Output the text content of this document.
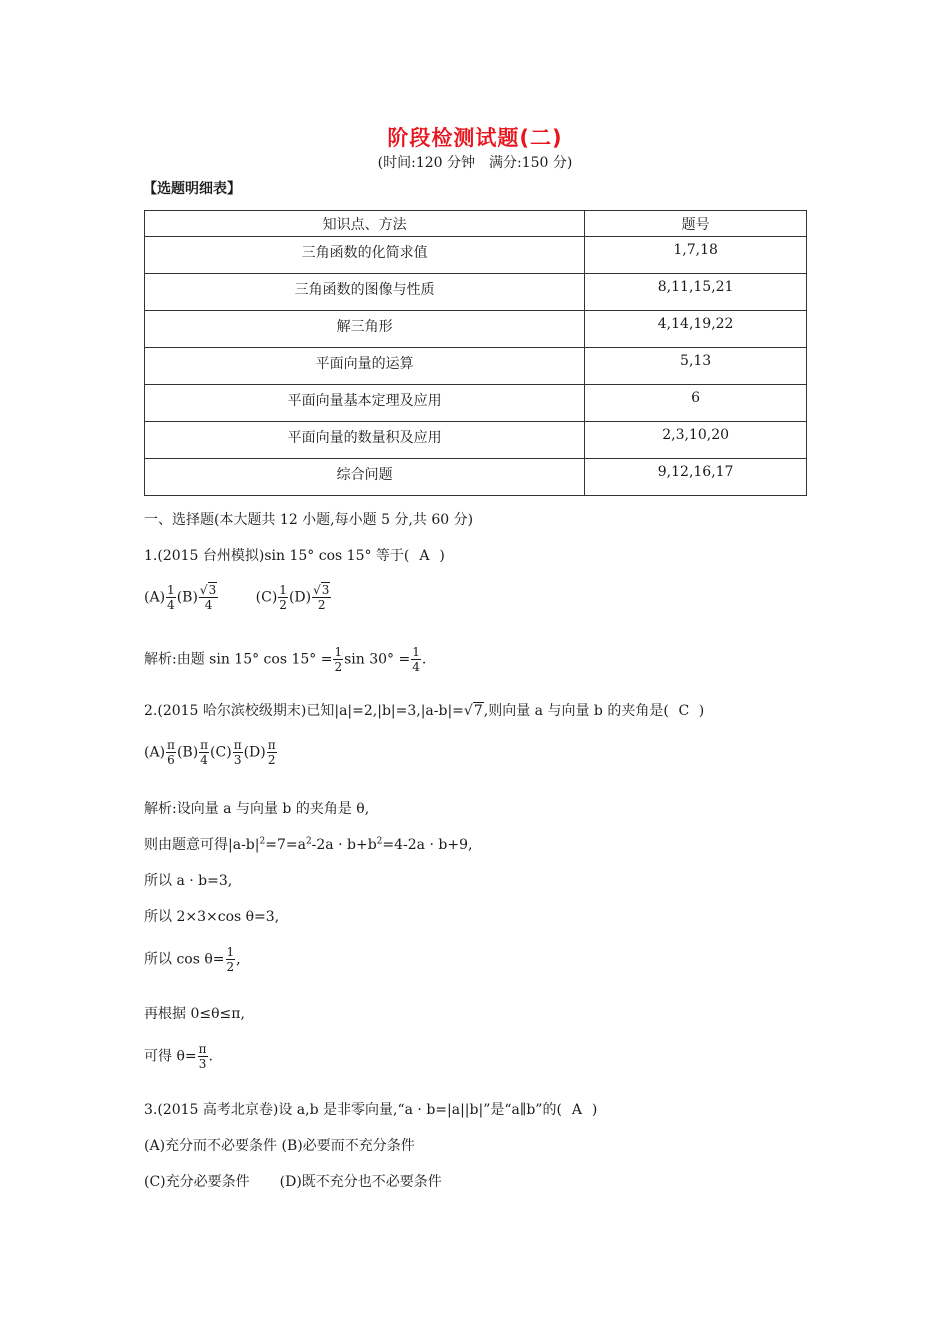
阶段检测试题(二)
(时间:120 分钟　满分:150 分)
【选题明细表】
知识点、方法	题号
三角函数的化简求值	1,7,18
三角函数的图像与性质	8,11,15,21
解三角形	4,14,19,22
平面向量的运算	5,13
平面向量基本定理及应用	6
平面向量的数量积及应用	2,3,10,20
综合问题	9,12,16,17
一、选择题(本大题共 12 小题,每小题 5 分,共 60 分)
1.(2015 台州模拟)sin 15° cos 15° 等于( A )
$(A) \frac{1}{4} (B) \frac{√3}{4}$	$(C) \frac{1}{2} (D) \frac{√3}{2}$
解析:由题 sin 15° $\cos 15^\circ = \frac{1}{2}$ $\sin 30^\circ = \frac{1}{4}$ .
2.(2015 哈尔滨校级期末)已知|a|=2,|b|=3,|a-b|=√7,则向量 a 与向量 b 的夹角是( C )
$(A) \frac{\pi}{6} (B) \frac{\pi}{4} (C) \frac{\pi}{3} (D) \frac{\pi}{2}$
解析:设向量 a 与向量 b 的夹角是 θ,
则由题意可得$|a-b|^2=7=a^2-2a \cdot b+b^2=4-2a \cdot b+9$,
所以 a · b=3,
所以 2×3×cos θ=3,
所以 $\cos \theta= \frac{1}{2}$ ,
再根据 0≤θ≤π,
可得 $\theta= \frac{\pi}{3}$ .
3.(2015 高考北京卷)设 a,b 是非零向量,“a · b=|a||b|”是“a∥b”的( A )
(A)充分而不必要条件 (B)必要而不充分条件
(C)充分必要条件 (D)既不充分也不必要条件
